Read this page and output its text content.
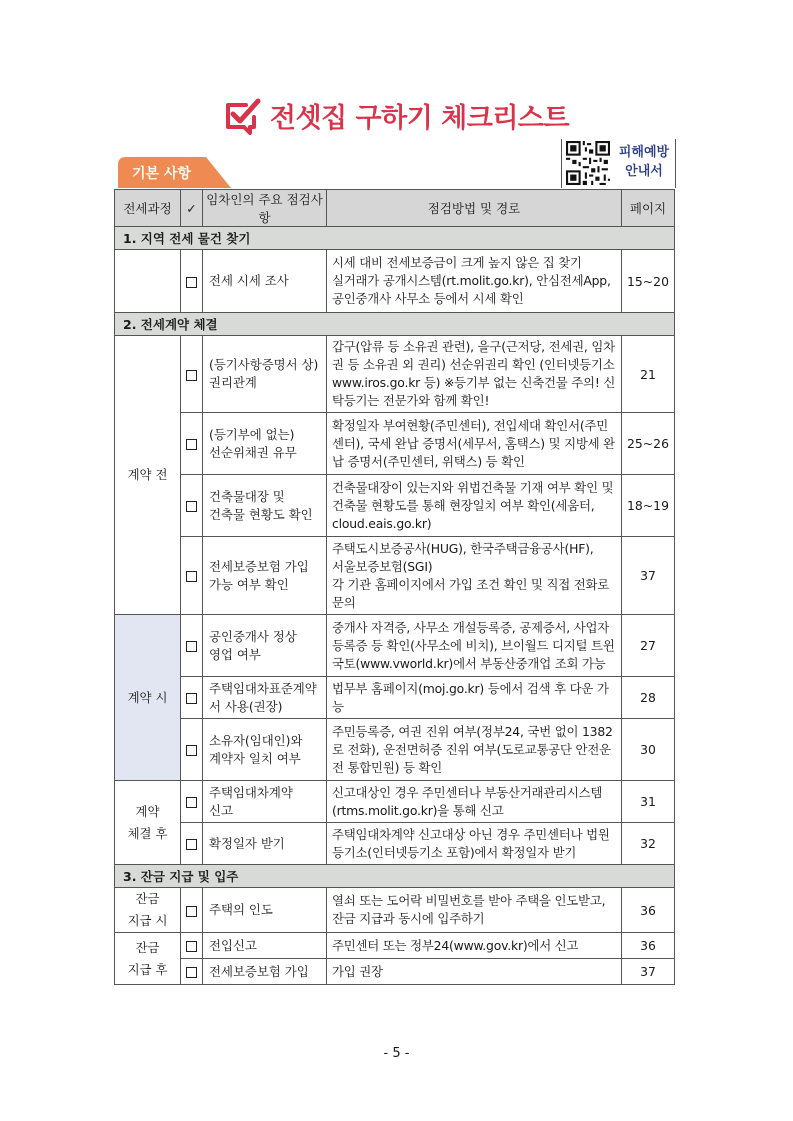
전셋집 구하기 체크리스트
기본 사항
피해예방
안내서
전세과정	✓	임차인의 주요 점검사항	점검방법 및 경로	페이지
1. 지역 전세 물건 찾기				
		전세 시세 조사	시세 대비 전세보증금이 크게 높지 않은 집 찾기
실거래가 공개시스템(rt.molit.go.kr), 안심전세App,
공인중개사 사무소 등에서 시세 확인	15~20
2. 전세계약 체결				
계약 전		(등기사항증명서 상)
권리관계	갑구(압류 등 소유권 관련), 을구(근저당, 전세권, 임차권 등 소유권 외 권리) 선순위권리 확인 (인터넷등기소 www.iros.go.kr 등) ※등기부 없는 신축건물 주의! 신탁등기는 전문가와 함께 확인!	21
		(등기부에 없는)
선순위채권 유무	확정일자 부여현황(주민센터), 전입세대 확인서(주민센터), 국세 완납 증명서(세무서, 홈택스) 및 지방세 완납 증명서(주민센터, 위택스) 등 확인	25~26
		건축물대장 및
건축물 현황도 확인	건축물대장이 있는지와 위법건축물 기재 여부 확인 및 건축물 현황도를 통해 현장일치 여부 확인(세움터, cloud.eais.go.kr)	18~19
		전세보증보험 가입
가능 여부 확인	주택도시보증공사(HUG), 한국주택금융공사(HF),
서울보증보험(SGI)
각 기관 홈페이지에서 가입 조건 확인 및 직접 전화로 문의	37
계약 시		공인중개사 정상
영업 여부	중개사 자격증, 사무소 개설등록증, 공제증서, 사업자등록증 등 확인(사무소에 비치), 브이월드 디지털 트윈국토(www.vworld.kr)에서 부동산중개업 조회 가능	27
		주택임대차표준계약서 사용(권장)	법무부 홈페이지(moj.go.kr) 등에서 검색 후 다운 가능	28
		소유자(임대인)와
계약자 일치 여부	주민등록증, 여권 진위 여부(정부24, 국번 없이 1382로 전화), 운전면허증 진위 여부(도로교통공단 안전운전 통합민원) 등 확인	30
계약
체결 후		주택임대차계약
신고	신고대상인 경우 주민센터나 부동산거래관리시스템
(rtms.molit.go.kr)을 통해 신고	31
		확정일자 받기	주택임대차계약 신고대상 아닌 경우 주민센터나 법원등기소(인터넷등기소 포함)에서 확정일자 받기	32
3. 잔금 지급 및 입주				
잔금
지급 시		주택의 인도	열쇠 또는 도어락 비밀번호를 받아 주택을 인도받고,
잔금 지급과 동시에 입주하기	36
잔금
지급 후		전입신고	주민센터 또는 정부24(www.gov.kr)에서 신고	36
		전세보증보험 가입	가입 권장	37
- 5 -
